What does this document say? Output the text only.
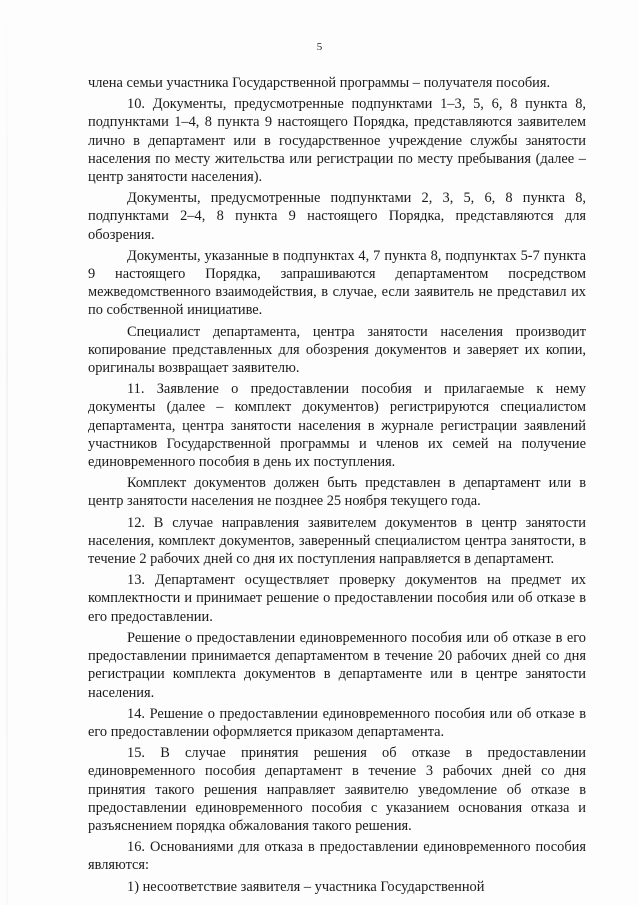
5

члена семьи участника Государственной программы – получателя пособия.

10. Документы, предусмотренные подпунктами 1–3, 5, 6, 8 пункта 8, подпунктами 1–4, 8 пункта 9 настоящего Порядка, представляются заявителем лично в департамент или в государственное учреждение службы занятости населения по месту жительства или регистрации по месту пребывания (далее – центр занятости населения).

Документы, предусмотренные подпунктами 2, 3, 5, 6, 8 пункта 8, подпунктами 2–4, 8 пункта 9 настоящего Порядка, представляются для обозрения.

Документы, указанные в подпунктах 4, 7 пункта 8, подпунктах 5-7 пункта 9 настоящего Порядка, запрашиваются департаментом посредством межведомственного взаимодействия, в случае, если заявитель не представил их по собственной инициативе.

Специалист департамента, центра занятости населения производит копирование представленных для обозрения документов и заверяет их копии, оригиналы возвращает заявителю.

11. Заявление о предоставлении пособия и прилагаемые к нему документы (далее – комплект документов) регистрируются специалистом департамента, центра занятости населения в журнале регистрации заявлений участников Государственной программы и членов их семей на получение единовременного пособия в день их поступления.

Комплект документов должен быть представлен в департамент или в центр занятости населения не позднее 25 ноября текущего года.

12. В случае направления заявителем документов в центр занятости населения, комплект документов, заверенный специалистом центра занятости, в течение 2 рабочих дней со дня их поступления направляется в департамент.

13. Департамент осуществляет проверку документов на предмет их комплектности и принимает решение о предоставлении пособия или об отказе в его предоставлении.

Решение о предоставлении единовременного пособия или об отказе в его предоставлении принимается департаментом в течение 20 рабочих дней со дня регистрации комплекта документов в департаменте или в центре занятости населения.

14. Решение о предоставлении единовременного пособия или об отказе в его предоставлении оформляется приказом департамента.

15. В случае принятия решения об отказе в предоставлении единовременного пособия департамент в течение 3 рабочих дней со дня принятия такого решения направляет заявителю уведомление об отказе в предоставлении единовременного пособия с указанием основания отказа и разъяснением порядка обжалования такого решения.

16. Основаниями для отказа в предоставлении единовременного пособия являются:

1) несоответствие заявителя – участника Государственной
